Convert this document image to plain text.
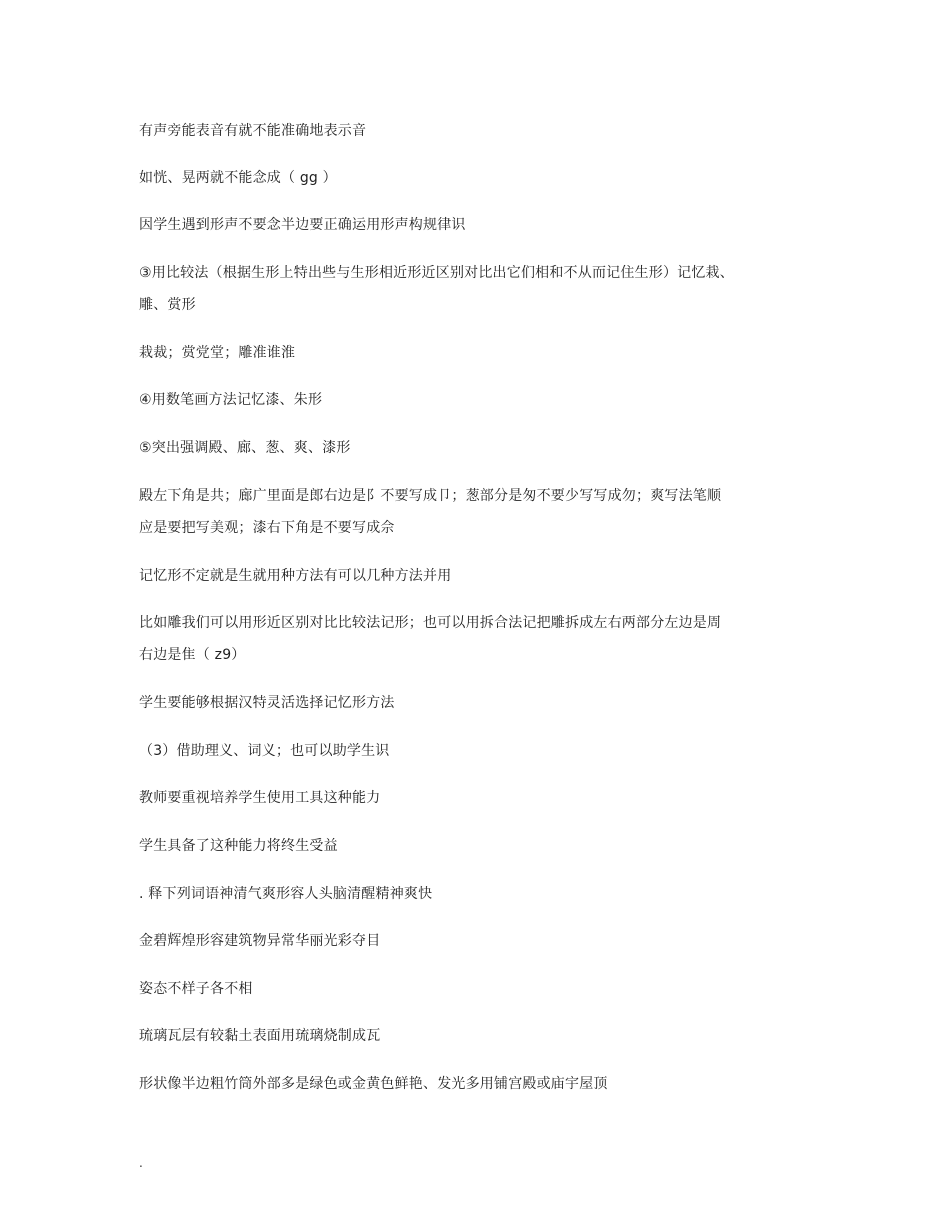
有声旁能表音有就不能准确地表示音
如恍、晃两就不能念成（ gg ）
因学生遇到形声不要念半边要正确运用形声构规律识
③用比较法（根据生形上特出些与生形相近形近区别对比出它们相和不从而记住生形）记忆栽、
雕、赏形
栽裁；赏党堂；雕准谁淮
④用数笔画方法记忆漆、朱形
⑤突出强调殿、廊、葱、爽、漆形
殿左下角是共；廊广里面是郎右边是阝不要写成卩；葱部分是匆不要少写写成勿；爽写法笔顺
应是要把写美观；漆右下角是不要写成佘
记忆形不定就是生就用种方法有可以几种方法并用
比如雕我们可以用形近区别对比比较法记形；也可以用拆合法记把雕拆成左右两部分左边是周
右边是隹（ z9）
学生要能够根据汉特灵活选择记忆形方法
（3）借助理义、词义；也可以助学生识
教师要重视培养学生使用工具这种能力
学生具备了这种能力将终生受益
. 释下列词语神清气爽形容人头脑清醒精神爽快
金碧辉煌形容建筑物异常华丽光彩夺目
姿态不样子各不相
琉璃瓦层有较黏土表面用琉璃烧制成瓦
形状像半边粗竹筒外部多是绿色或金黄色鲜艳、发光多用铺宫殿或庙宇屋顶
.
